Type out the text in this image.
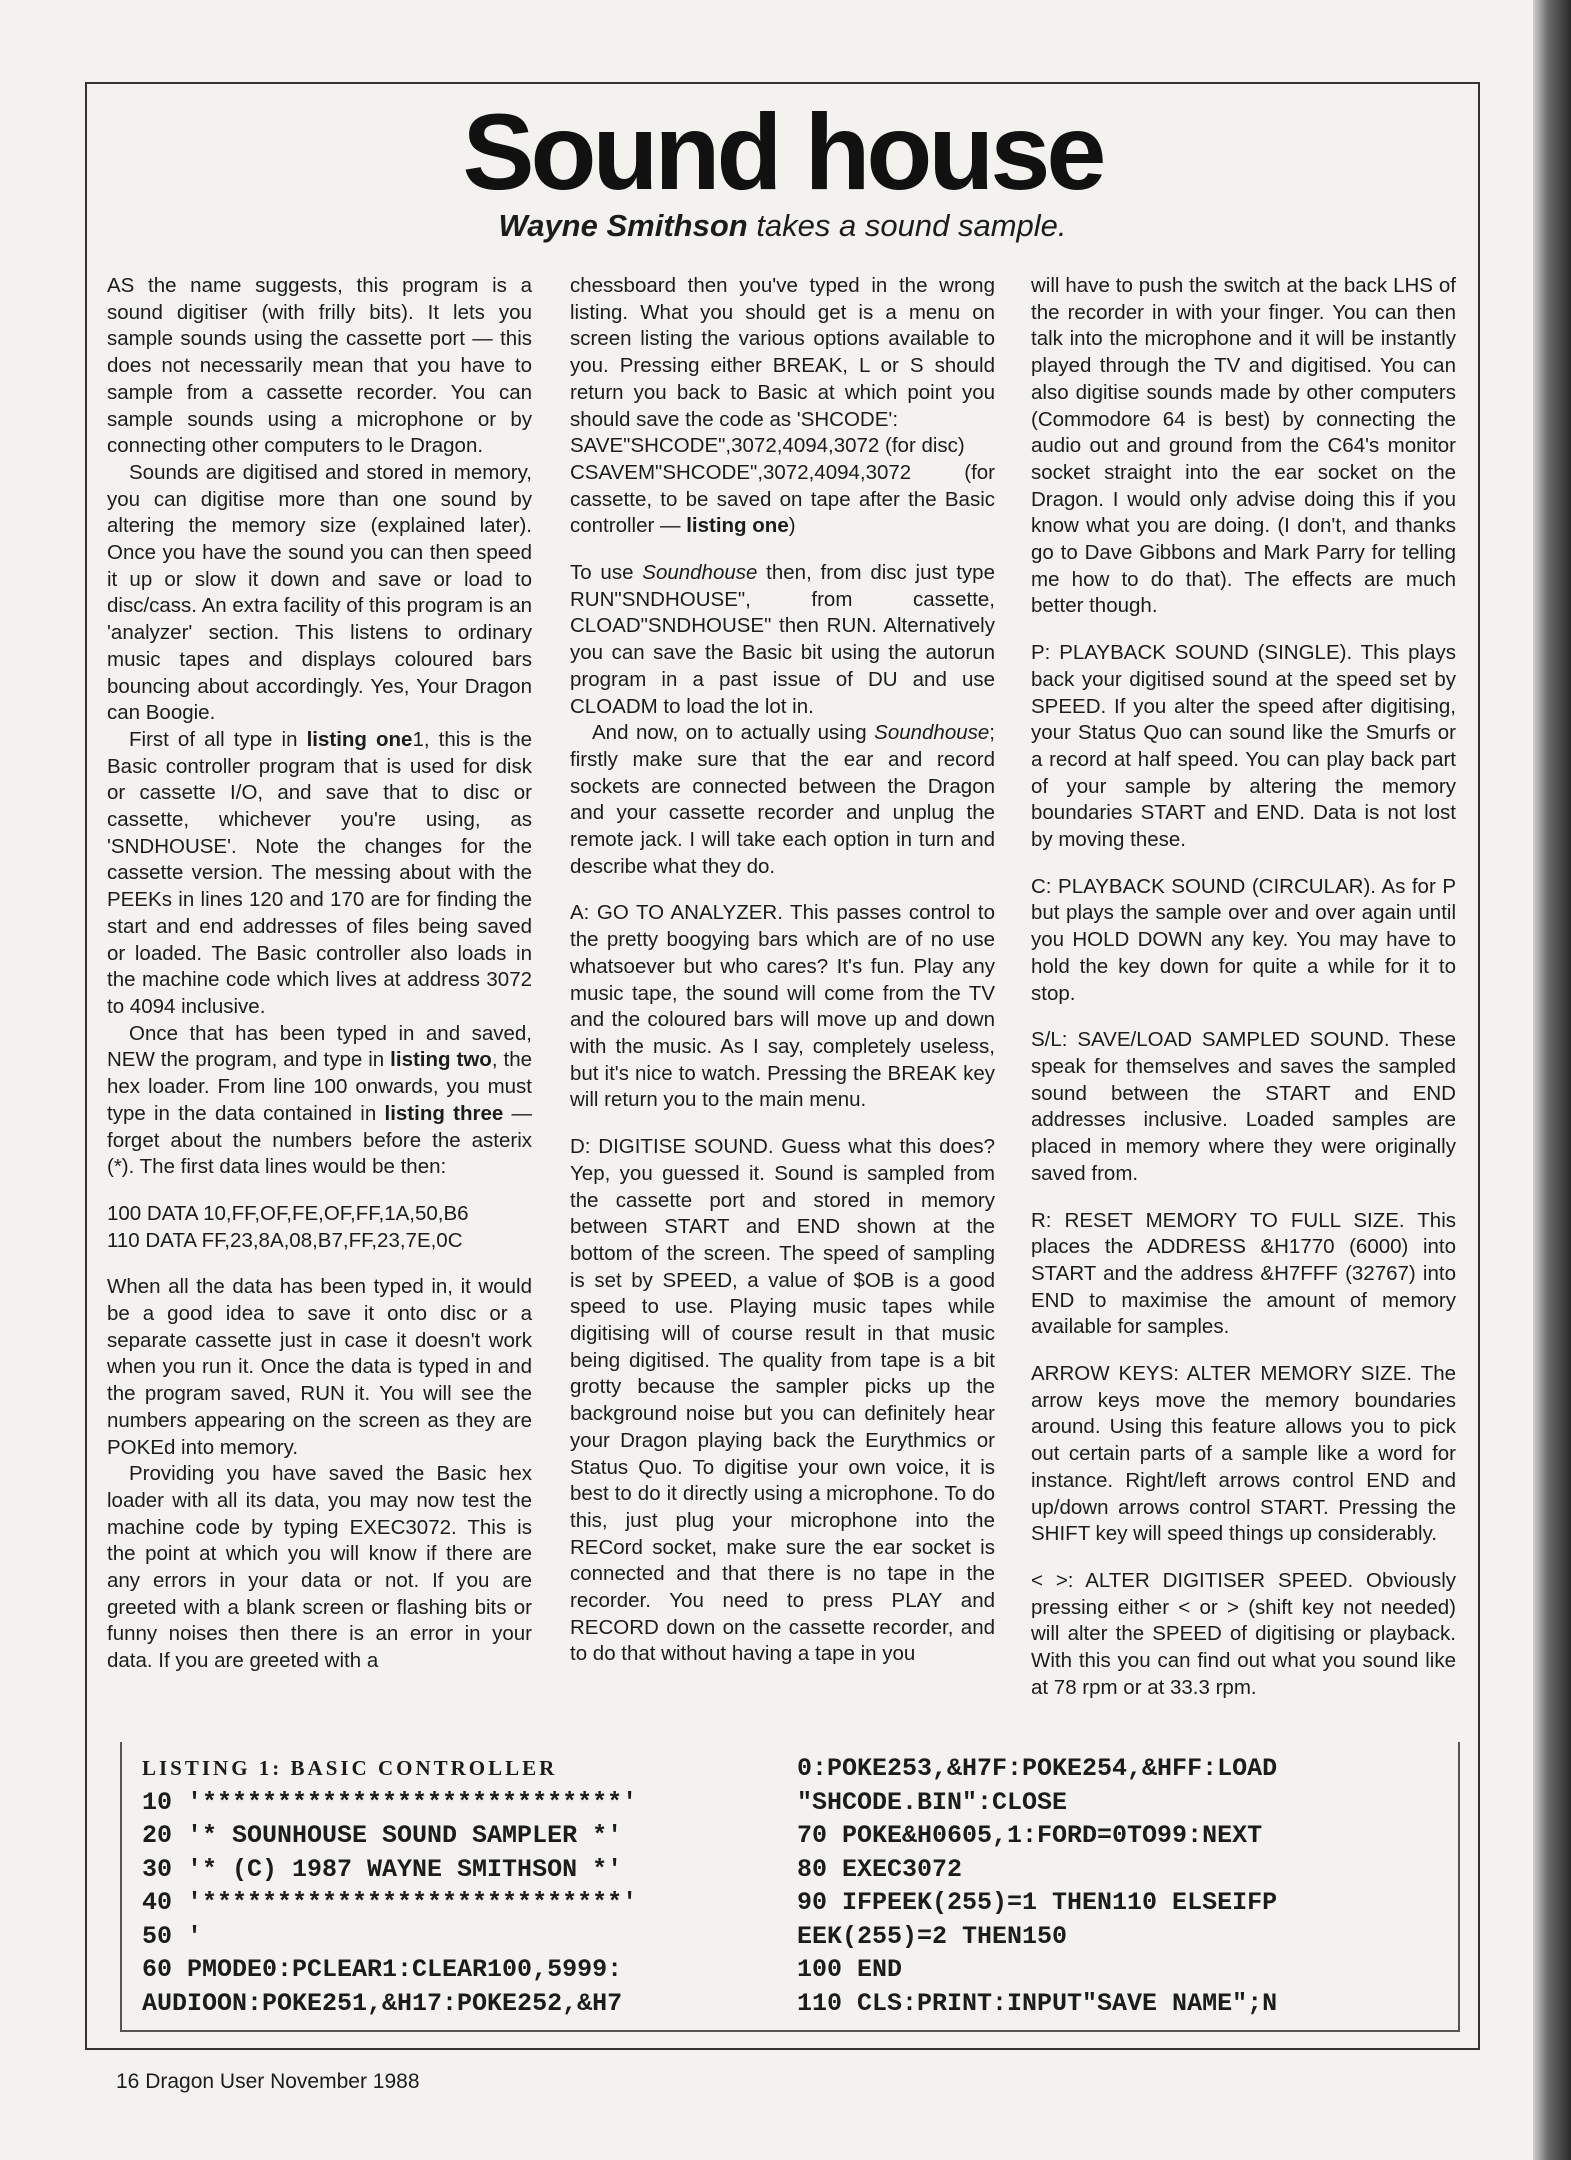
Sound house
Wayne Smithson takes a sound sample.

AS the name suggests, this program is a sound digitiser (with frilly bits). It lets you sample sounds using the cassette port — this does not necessarily mean that you have to sample from a cassette recorder. You can sample sounds using a microphone or by connecting other computers to le Dragon.

Sounds are digitised and stored in memory, you can digitise more than one sound by altering the memory size (explained later). Once you have the sound you can then speed it up or slow it down and save or load to disc/cass. An extra facility of this program is an 'analyzer' section. This listens to ordinary music tapes and displays coloured bars bouncing about accordingly. Yes, Your Dragon can Boogie.

First of all type in listing one1, this is the Basic controller program that is used for disk or cassette I/O, and save that to disc or cassette, whichever you're using, as 'SNDHOUSE'. Note the changes for the cassette version. The messing about with the PEEKs in lines 120 and 170 are for finding the start and end addresses of files being saved or loaded. The Basic controller also loads in the machine code which lives at address 3072 to 4094 inclusive.

Once that has been typed in and saved, NEW the program, and type in listing two, the hex loader. From line 100 onwards, you must type in the data contained in listing three — forget about the numbers before the asterix (*). The first data lines would be then:

100 DATA 10,FF,OF,FE,OF,FF,1A,50,B6

110 DATA FF,23,8A,08,B7,FF,23,7E,0C

When all the data has been typed in, it would be a good idea to save it onto disc or a separate cassette just in case it doesn't work when you run it. Once the data is typed in and the program saved, RUN it. You will see the numbers appearing on the screen as they are POKEd into memory.

Providing you have saved the Basic hex loader with all its data, you may now test the machine code by typing EXEC3072. This is the point at which you will know if there are any errors in your data or not. If you are greeted with a blank screen or flashing bits or funny noises then there is an error in your data. If you are greeted with a

chessboard then you've typed in the wrong listing. What you should get is a menu on screen listing the various options available to you. Pressing either BREAK, L or S should return you back to Basic at which point you should save the code as 'SHCODE':

SAVE"SHCODE",3072,4094,3072 (for disc)

CSAVEM"SHCODE",3072,4094,3072 (for cassette, to be saved on tape after the Basic controller — listing one)

To use Soundhouse then, from disc just type RUN"SNDHOUSE", from cassette, CLOAD"SNDHOUSE" then RUN. Alternatively you can save the Basic bit using the autorun program in a past issue of DU and use CLOADM to load the lot in.

And now, on to actually using Soundhouse; firstly make sure that the ear and record sockets are connected between the Dragon and your cassette recorder and unplug the remote jack. I will take each option in turn and describe what they do.

A: GO TO ANALYZER. This passes control to the pretty boogying bars which are of no use whatsoever but who cares? It's fun. Play any music tape, the sound will come from the TV and the coloured bars will move up and down with the music. As I say, completely useless, but it's nice to watch. Pressing the BREAK key will return you to the main menu.

D: DIGITISE SOUND. Guess what this does? Yep, you guessed it. Sound is sampled from the cassette port and stored in memory between START and END shown at the bottom of the screen. The speed of sampling is set by SPEED, a value of $OB is a good speed to use. Playing music tapes while digitising will of course result in that music being digitised. The quality from tape is a bit grotty because the sampler picks up the background noise but you can definitely hear your Dragon playing back the Eurythmics or Status Quo. To digitise your own voice, it is best to do it directly using a microphone. To do this, just plug your microphone into the RECord socket, make sure the ear socket is connected and that there is no tape in the recorder. You need to press PLAY and RECORD down on the cassette recorder, and to do that without having a tape in you

will have to push the switch at the back LHS of the recorder in with your finger. You can then talk into the microphone and it will be instantly played through the TV and digitised. You can also digitise sounds made by other computers (Commodore 64 is best) by connecting the audio out and ground from the C64's monitor socket straight into the ear socket on the Dragon. I would only advise doing this if you know what you are doing. (I don't, and thanks go to Dave Gibbons and Mark Parry for telling me how to do that). The effects are much better though.

P: PLAYBACK SOUND (SINGLE). This plays back your digitised sound at the speed set by SPEED. If you alter the speed after digitising, your Status Quo can sound like the Smurfs or a record at half speed. You can play back part of your sample by altering the memory boundaries START and END. Data is not lost by moving these.

C: PLAYBACK SOUND (CIRCULAR). As for P but plays the sample over and over again until you HOLD DOWN any key. You may have to hold the key down for quite a while for it to stop.

S/L: SAVE/LOAD SAMPLED SOUND. These speak for themselves and saves the sampled sound between the START and END addresses inclusive. Loaded samples are placed in memory where they were originally saved from.

R: RESET MEMORY TO FULL SIZE. This places the ADDRESS &H1770 (6000) into START and the address &H7FFF (32767) into END to maximise the amount of memory available for samples.

ARROW KEYS: ALTER MEMORY SIZE. The arrow keys move the memory boundaries around. Using this feature allows you to pick out certain parts of a sample like a word for instance. Right/left arrows control END and up/down arrows control START. Pressing the SHIFT key will speed things up considerably.

< >: ALTER DIGITISER SPEED. Obviously pressing either < or > (shift key not needed) will alter the SPEED of digitising or playback. With this you can find out what you sound like at 78 rpm or at 33.3 rpm.

LISTING 1: BASIC CONTROLLER
10 '****************************'
20 '* SOUNHOUSE SOUND SAMPLER *'
30 '* (C) 1987 WAYNE SMITHSON *'
40 '****************************'
50 '
60 PMODE0:PCLEAR1:CLEAR100,5999:
AUDIOON:POKE251,&H17:POKE252,&H7
0:POKE253,&H7F:POKE254,&HFF:LOAD
"SHCODE.BIN":CLOSE
70 POKE&H0605,1:FORD=0TO99:NEXT
80 EXEC3072
90 IFPEEK(255)=1 THEN110 ELSEIFP
EEK(255)=2 THEN150
100 END
110 CLS:PRINT:INPUT"SAVE NAME";N
16 Dragon User November 1988
